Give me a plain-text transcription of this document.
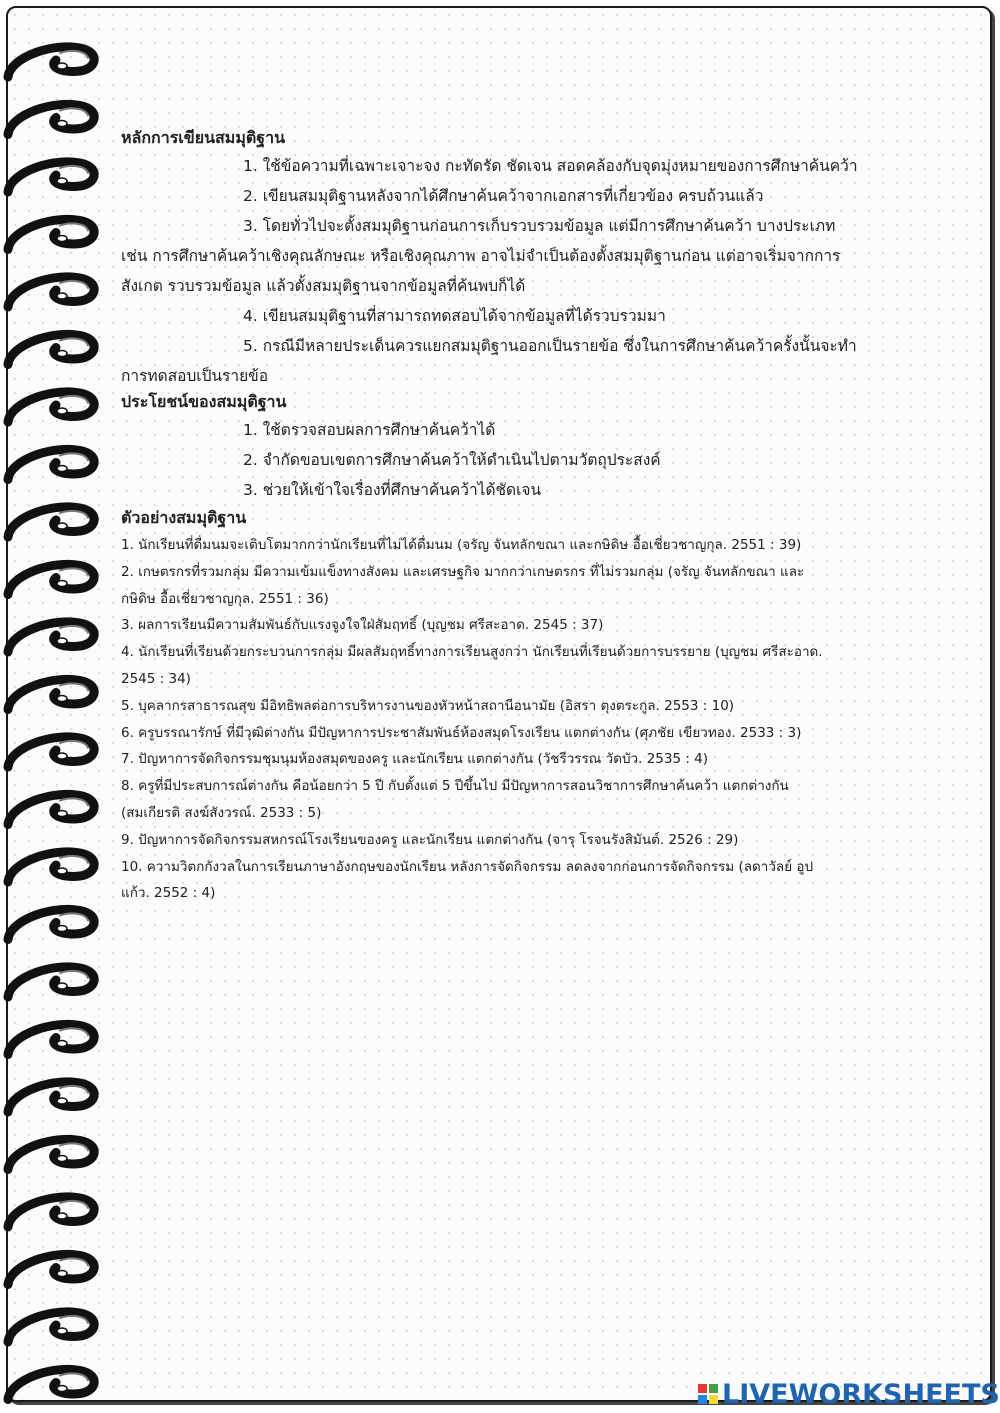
หลักการเขียนสมมุติฐาน

1. ใช้ข้อความที่เฉพาะเจาะจง กะทัดรัด ชัดเจน สอดคล้องกับจุดมุ่งหมายของการศึกษาค้นคว้า

2. เขียนสมมุติฐานหลังจากได้ศึกษาค้นคว้าจากเอกสารที่เกี่ยวข้อง ครบถ้วนแล้ว

3. โดยทั่วไปจะตั้งสมมุติฐานก่อนการเก็บรวบรวมข้อมูล แต่มีการศึกษาค้นคว้า บางประเภท

เช่น การศึกษาค้นคว้าเชิงคุณลักษณะ หรือเชิงคุณภาพ อาจไม่จำเป็นต้องตั้งสมมุติฐานก่อน แต่อาจเริ่มจากการ

สังเกต รวบรวมข้อมูล แล้วตั้งสมมุติฐานจากข้อมูลที่ค้นพบก็ได้

4. เขียนสมมุติฐานที่สามารถทดสอบได้จากข้อมูลที่ได้รวบรวมมา

5. กรณีมีหลายประเด็นควรแยกสมมุติฐานออกเป็นรายข้อ ซึ่งในการศึกษาค้นคว้าครั้งนั้นจะทำ

การทดสอบเป็นรายข้อ

ประโยชน์ของสมมุติฐาน

1. ใช้ตรวจสอบผลการศึกษาค้นคว้าได้

2. จำกัดขอบเขตการศึกษาค้นคว้าให้ดำเนินไปตามวัตถุประสงค์

3. ช่วยให้เข้าใจเรื่องที่ศึกษาค้นคว้าได้ชัดเจน

ตัวอย่างสมมุติฐาน

1. นักเรียนที่ดื่มนมจะเติบโตมากกว่านักเรียนที่ไม่ได้ดื่มนม (จรัญ จันทลักขณา และกษิดิษ อื้อเชี่ยวชาญกุล. 2551 : 39)

2. เกษตรกรที่รวมกลุ่ม มีความเข้มแข็งทางสังคม และเศรษฐกิจ มากกว่าเกษตรกร ที่ไม่รวมกลุ่ม (จรัญ จันทลักขณา และ

กษิดิษ อื้อเชี่ยวชาญกุล. 2551 : 36)

3. ผลการเรียนมีความสัมพันธ์กับแรงจูงใจใฝ่สัมฤทธิ์ (บุญชม ศรีสะอาด. 2545 : 37)

4. นักเรียนที่เรียนด้วยกระบวนการกลุ่ม มีผลสัมฤทธิ์ทางการเรียนสูงกว่า นักเรียนที่เรียนด้วยการบรรยาย (บุญชม ศรีสะอาด.

2545 : 34)

5. บุคลากรสาธารณสุข มีอิทธิพลต่อการบริหารงานของหัวหน้าสถานีอนามัย (อิสรา ตุงตระกูล. 2553 : 10)

6. ครูบรรณารักษ์ ที่มีวุฒิต่างกัน มีปัญหาการประชาสัมพันธ์ห้องสมุดโรงเรียน แตกต่างกัน (ศุภชัย เขียวทอง. 2533 : 3)

7. ปัญหาการจัดกิจกรรมชุมนุมห้องสมุดของครู และนักเรียน แตกต่างกัน (วัชรีวรรณ วัดบัว. 2535 : 4)

8. ครูที่มีประสบการณ์ต่างกัน คือน้อยกว่า 5 ปี กับตั้งแต่ 5 ปีขึ้นไป มีปัญหาการสอนวิชาการศึกษาค้นคว้า แตกต่างกัน

(สมเกียรติ สงฆ์สังวรณ์. 2533 : 5)

9. ปัญหาการจัดกิจกรรมสหกรณ์โรงเรียนของครู และนักเรียน แตกต่างกัน (จารุ โรจนรังสิมันต์. 2526 : 29)

10. ความวิตกกังวลในการเรียนภาษาอังกฤษของนักเรียน หลังการจัดกิจกรรม ลดลงจากก่อนการจัดกิจกรรม (ลดาวัลย์ อูป

แก้ว. 2552 : 4)

LIVEWORKSHEETS
